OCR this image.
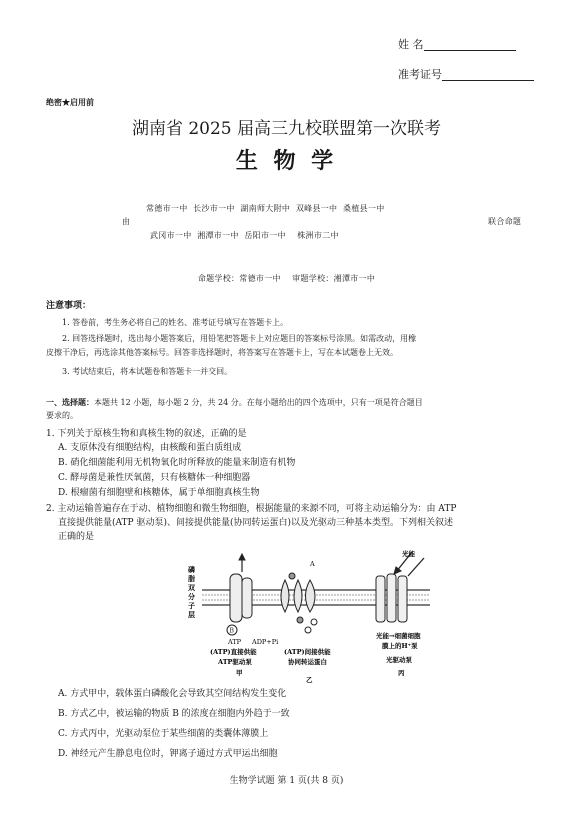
姓 名
准考证号
绝密★启用前
湖南省 2025 届高三九校联盟第一次联考
生 物 学
常德市一中  长沙市一中  湖南师大附中  双峰县一中  桑植县一中
由	联合命题
武冈市一中  湘潭市一中  岳阳市一中    株洲市二中
命题学校：常德市一中    审题学校：湘潭市一中
注意事项：
1. 答卷前，考生务必将自己的姓名、准考证号填写在答题卡上。
2. 回答选择题时，选出每小题答案后，用铅笔把答题卡上对应题目的答案标号涂黑。如需改动，用橡
皮擦干净后，再选涂其他答案标号。回答非选择题时，将答案写在答题卡上，写在本试题卷上无效。
3. 考试结束后，将本试题卷和答题卡一并交回。
一、选择题：本题共 12 小题，每小题 2 分，共 24 分。在每小题给出的四个选项中，只有一项是符合题目
要求的。
1. 下列关于原核生物和真核生物的叙述，正确的是
A. 支原体没有细胞结构，由核酸和蛋白质组成
B. 硝化细菌能利用无机物氧化时所释放的能量来制造有机物
C. 酵母菌是兼性厌氧菌，只有核糖体一种细胞器
D. 根瘤菌有细胞壁和核糖体，属于单细胞真核生物
2. 主动运输普遍存在于动、植物细胞和微生物细胞，根据能量的来源不同，可将主动运输分为：由 ATP
直接提供能量(ATP 驱动泵)、间接提供能量(协同转运蛋白)以及光驱动三种基本类型。下列相关叙述
正确的是
磷
脂
双
分
子
层
B
ATP ADP+Pi
A
光能
(ATP)直接供能
ATP驱动泵
甲
(ATP)间接供能
协同转运蛋白
乙
光能→细菌细胞
膜上的H⁺泵
光驱动泵
丙
A. 方式甲中，载体蛋白磷酸化会导致其空间结构发生变化
B. 方式乙中，被运输的物质 B 的浓度在细胞内外趋于一致
C. 方式丙中，光驱动泵位于某些细菌的类囊体薄膜上
D. 神经元产生静息电位时，钾离子通过方式甲运出细胞
生物学试题 第 1 页(共 8 页)
